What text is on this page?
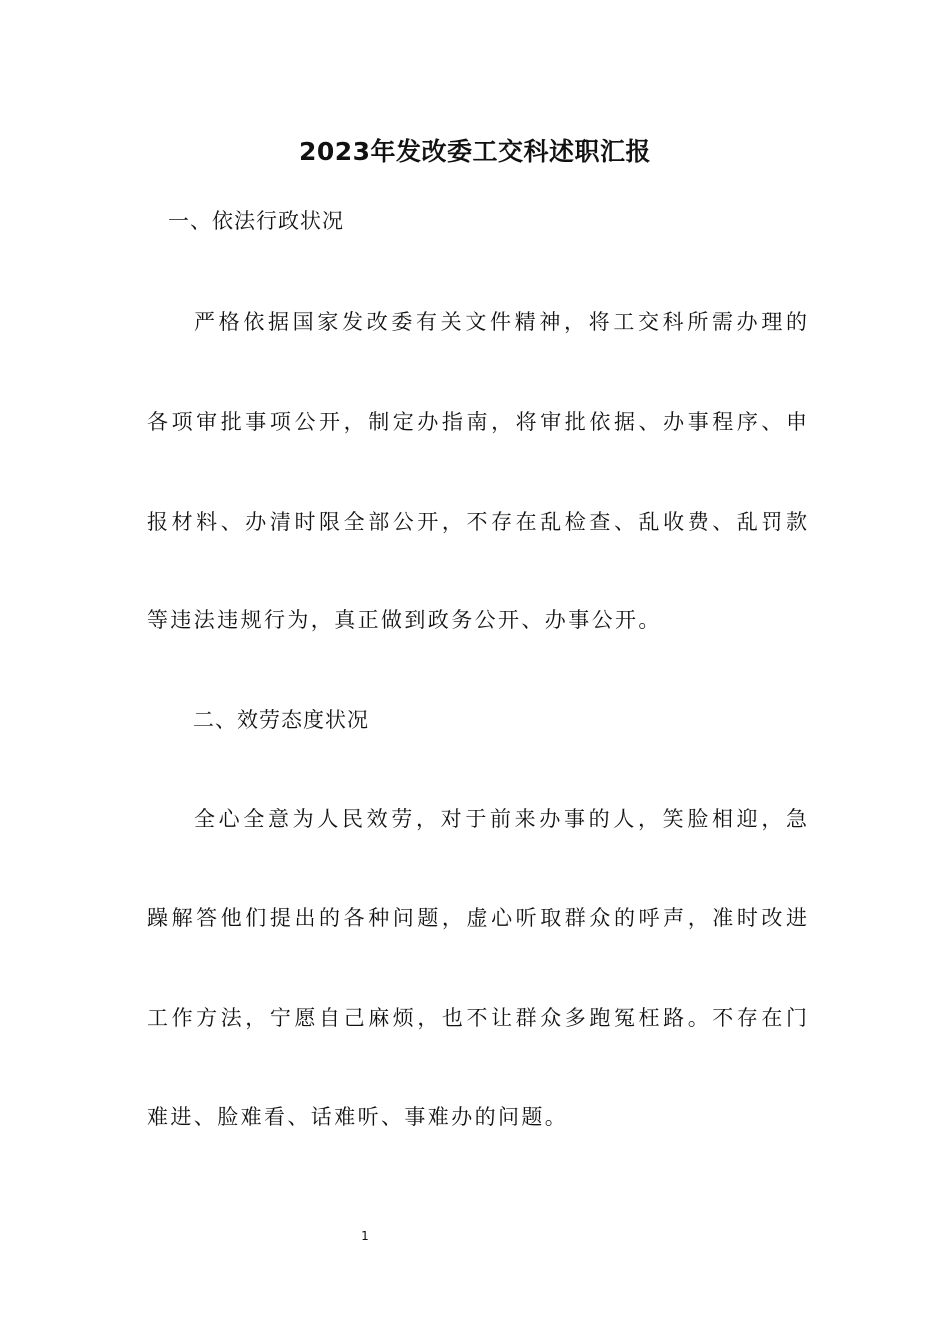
2023年发改委工交科述职汇报
一、依法行政状况
严格依据国家发改委有关文件精神，将工交科所需办理的
各项审批事项公开，制定办指南，将审批依据、办事程序、申
报材料、办清时限全部公开，不存在乱检查、乱收费、乱罚款
等违法违规行为，真正做到政务公开、办事公开。
二、效劳态度状况
全心全意为人民效劳，对于前来办事的人，笑脸相迎，急
躁解答他们提出的各种问题，虚心听取群众的呼声，准时改进
工作方法，宁愿自己麻烦，也不让群众多跑冤枉路。不存在门
难进、脸难看、话难听、事难办的问题。
1
